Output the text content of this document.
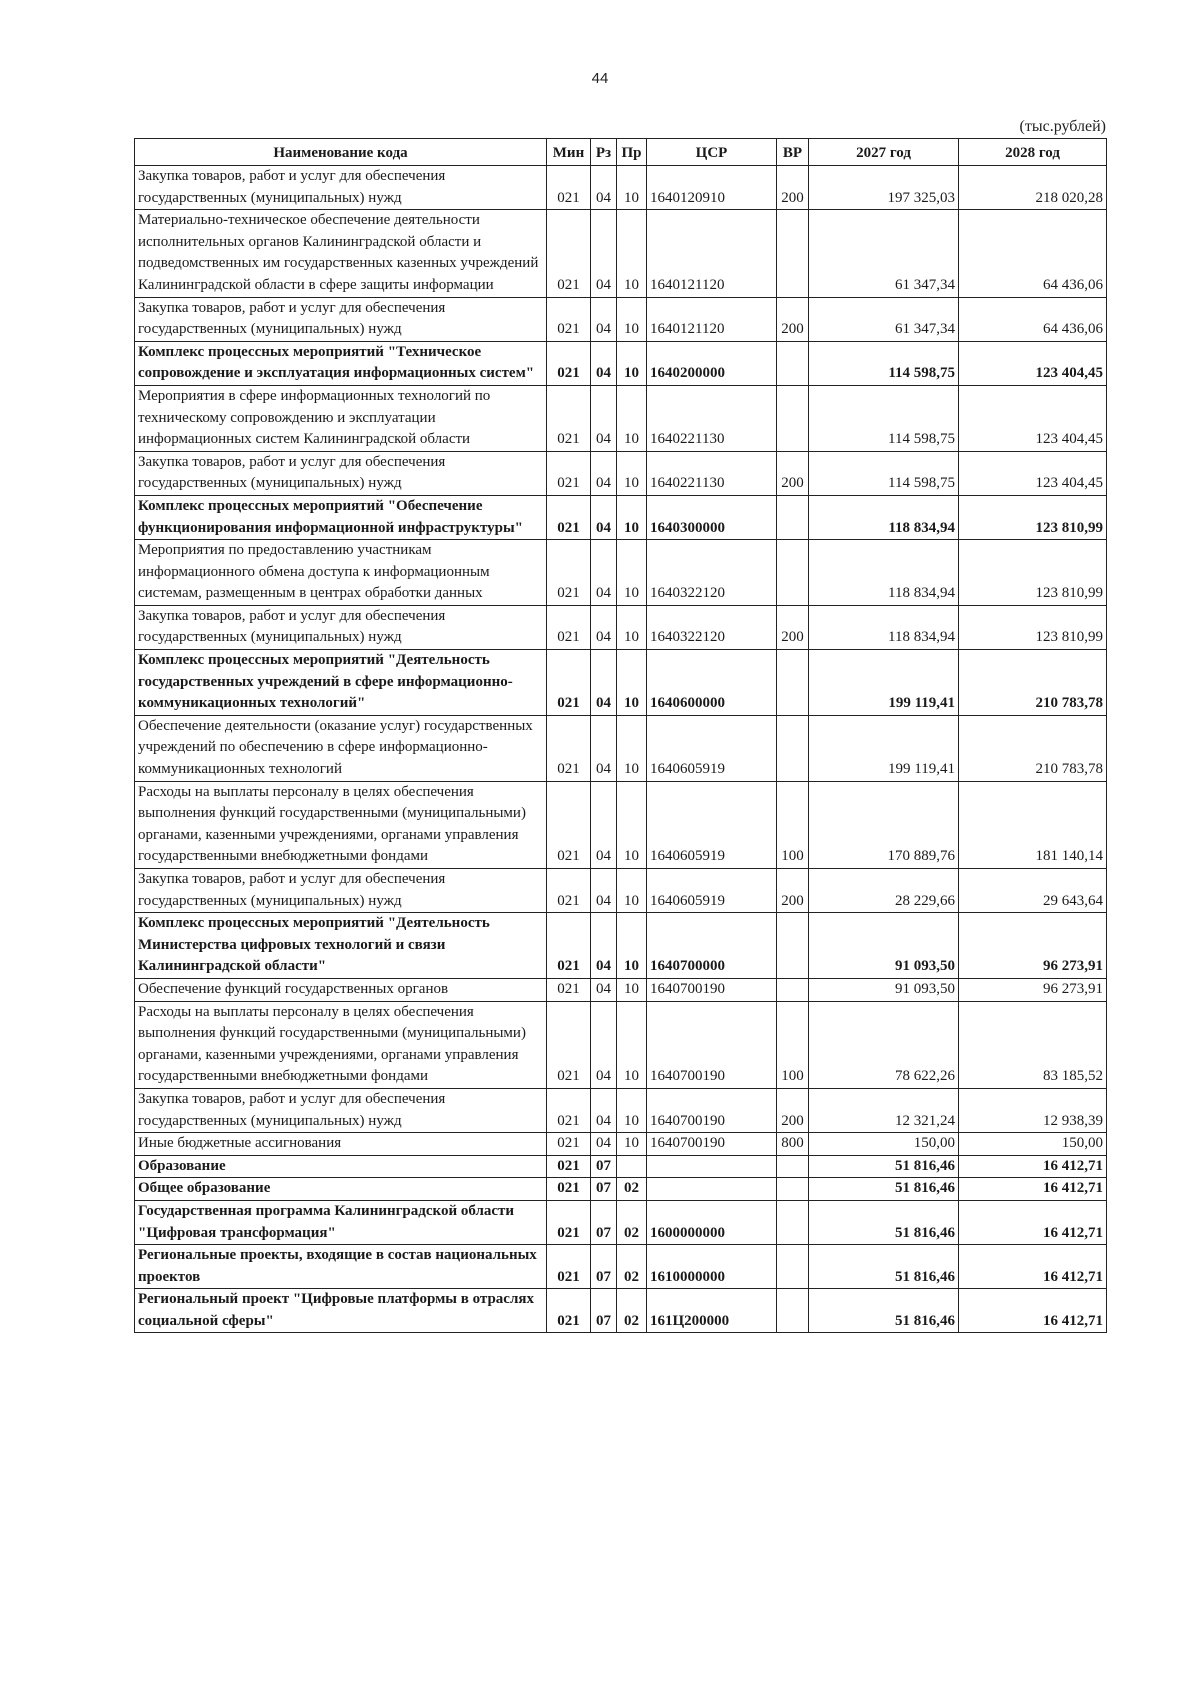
44
(тыс.рублей)
Наименование кода	Мин	Рз	Пр	ЦСР	ВР	2027 год	2028 год
Закупка товаров, работ и услуг для обеспечения государственных (муниципальных) нужд	021	04	10	1640120910	200	197 325,03	218 020,28
Материально-техническое обеспечение деятельности исполнительных органов Калининградской области и подведомственных им государственных казенных учреждений Калининградской области в сфере защиты информации	021	04	10	1640121120		61 347,34	64 436,06
Закупка товаров, работ и услуг для обеспечения государственных (муниципальных) нужд	021	04	10	1640121120	200	61 347,34	64 436,06
Комплекс процессных мероприятий "Техническое сопровождение и эксплуатация информационных систем"	021	04	10	1640200000		114 598,75	123 404,45
Мероприятия в сфере информационных технологий по техническому сопровождению и эксплуатации информационных систем Калининградской области	021	04	10	1640221130		114 598,75	123 404,45
Закупка товаров, работ и услуг для обеспечения государственных (муниципальных) нужд	021	04	10	1640221130	200	114 598,75	123 404,45
Комплекс процессных мероприятий "Обеспечение функционирования информационной инфраструктуры"	021	04	10	1640300000		118 834,94	123 810,99
Мероприятия по предоставлению участникам информационного обмена доступа к информационным системам, размещенным в центрах обработки данных	021	04	10	1640322120		118 834,94	123 810,99
Закупка товаров, работ и услуг для обеспечения государственных (муниципальных) нужд	021	04	10	1640322120	200	118 834,94	123 810,99
Комплекс процессных мероприятий "Деятельность государственных учреждений в сфере информационно-коммуникационных технологий"	021	04	10	1640600000		199 119,41	210 783,78
Обеспечение деятельности (оказание услуг) государственных учреждений по обеспечению в сфере информационно-коммуникационных технологий	021	04	10	1640605919		199 119,41	210 783,78
Расходы на выплаты персоналу в целях обеспечения выполнения функций государственными (муниципальными) органами, казенными учреждениями, органами управления государственными внебюджетными фондами	021	04	10	1640605919	100	170 889,76	181 140,14
Закупка товаров, работ и услуг для обеспечения государственных (муниципальных) нужд	021	04	10	1640605919	200	28 229,66	29 643,64
Комплекс процессных мероприятий "Деятельность Министерства цифровых технологий и связи Калининградской области"	021	04	10	1640700000		91 093,50	96 273,91
Обеспечение функций государственных органов	021	04	10	1640700190		91 093,50	96 273,91
Расходы на выплаты персоналу в целях обеспечения выполнения функций государственными (муниципальными) органами, казенными учреждениями, органами управления государственными внебюджетными фондами	021	04	10	1640700190	100	78 622,26	83 185,52
Закупка товаров, работ и услуг для обеспечения государственных (муниципальных) нужд	021	04	10	1640700190	200	12 321,24	12 938,39
Иные бюджетные ассигнования	021	04	10	1640700190	800	150,00	150,00
Образование	021	07				51 816,46	16 412,71
Общее образование	021	07	02			51 816,46	16 412,71
Государственная программа Калининградской области "Цифровая трансформация"	021	07	02	1600000000		51 816,46	16 412,71
Региональные проекты, входящие в состав национальных проектов	021	07	02	1610000000		51 816,46	16 412,71
Региональный проект "Цифровые платформы в отраслях социальной сферы"	021	07	02	161Ц200000		51 816,46	16 412,71
